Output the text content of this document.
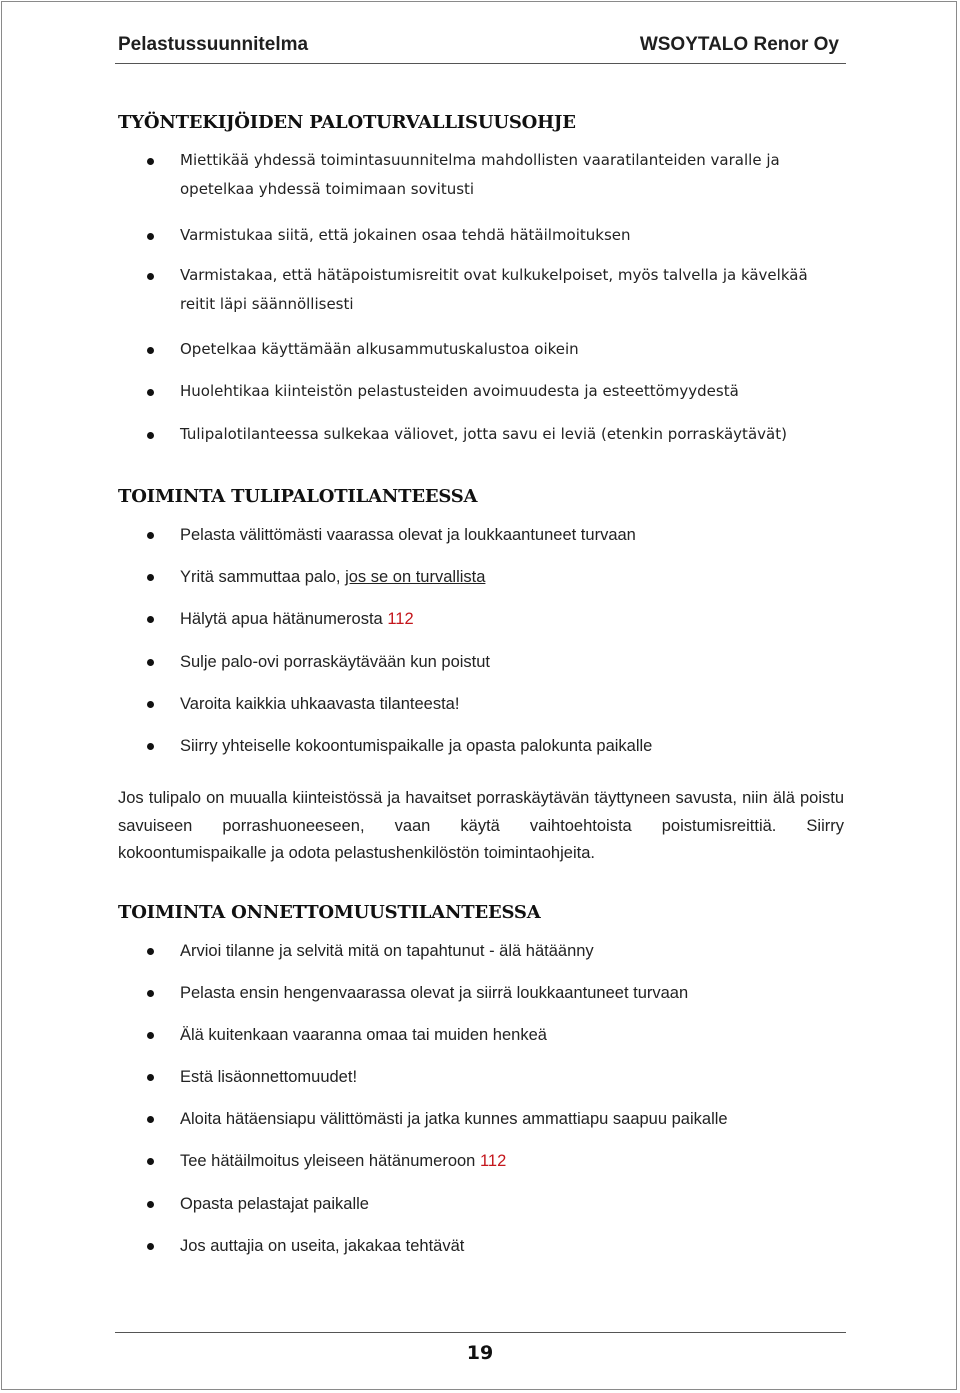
Pelastussuunnitelma	WSOYTALO Renor Oy
TYÖNTEKIJÖIDEN PALOTURVALLISUUSOHJE
Miettikää yhdessä toimintasuunnitelma mahdollisten vaaratilanteiden varalle ja opetelkaa yhdessä toimimaan sovitusti
Varmistukaa siitä, että jokainen osaa tehdä hätäilmoituksen
Varmistakaa, että hätäpoistumisreitit ovat kulkukelpoiset, myös talvella ja kävelkää reitit läpi säännöllisesti
Opetelkaa käyttämään alkusammutuskalustoa oikein
Huolehtikaa kiinteistön pelastusteiden avoimuudesta ja esteettömyydestä
Tulipalotilanteessa sulkekaa väliovet, jotta savu ei leviä (etenkin porraskäytävät)
TOIMINTA TULIPALOTILANTEESSA
Pelasta välittömästi vaarassa olevat ja loukkaantuneet turvaan
Yritä sammuttaa palo, jos se on turvallista
Hälytä apua hätänumerosta 112
Sulje palo-ovi porraskäytävään kun poistut
Varoita kaikkia uhkaavasta tilanteesta!
Siirry yhteiselle kokoontumispaikalle ja opasta palokunta paikalle
Jos tulipalo on muualla kiinteistössä ja havaitset porraskäytävän täyttyneen savusta, niin älä poistu savuiseen porrashuoneeseen, vaan käytä vaihtoehtoista poistumisreittiä. Siirry kokoontumispaikalle ja odota pelastushenkilöstön toimintaohjeita.
TOIMINTA ONNETTOMUUSTILANTEESSA
Arvioi tilanne ja selvitä mitä on tapahtunut - älä hätäänny
Pelasta ensin hengenvaarassa olevat ja siirrä loukkaantuneet turvaan
Älä kuitenkaan vaaranna omaa tai muiden henkeä
Estä lisäonnettomuudet!
Aloita hätäensiapu välittömästi ja jatka kunnes ammattiapu saapuu paikalle
Tee hätäilmoitus yleiseen hätänumeroon 112
Opasta pelastajat paikalle
Jos auttajia on useita, jakakaa tehtävät
19
